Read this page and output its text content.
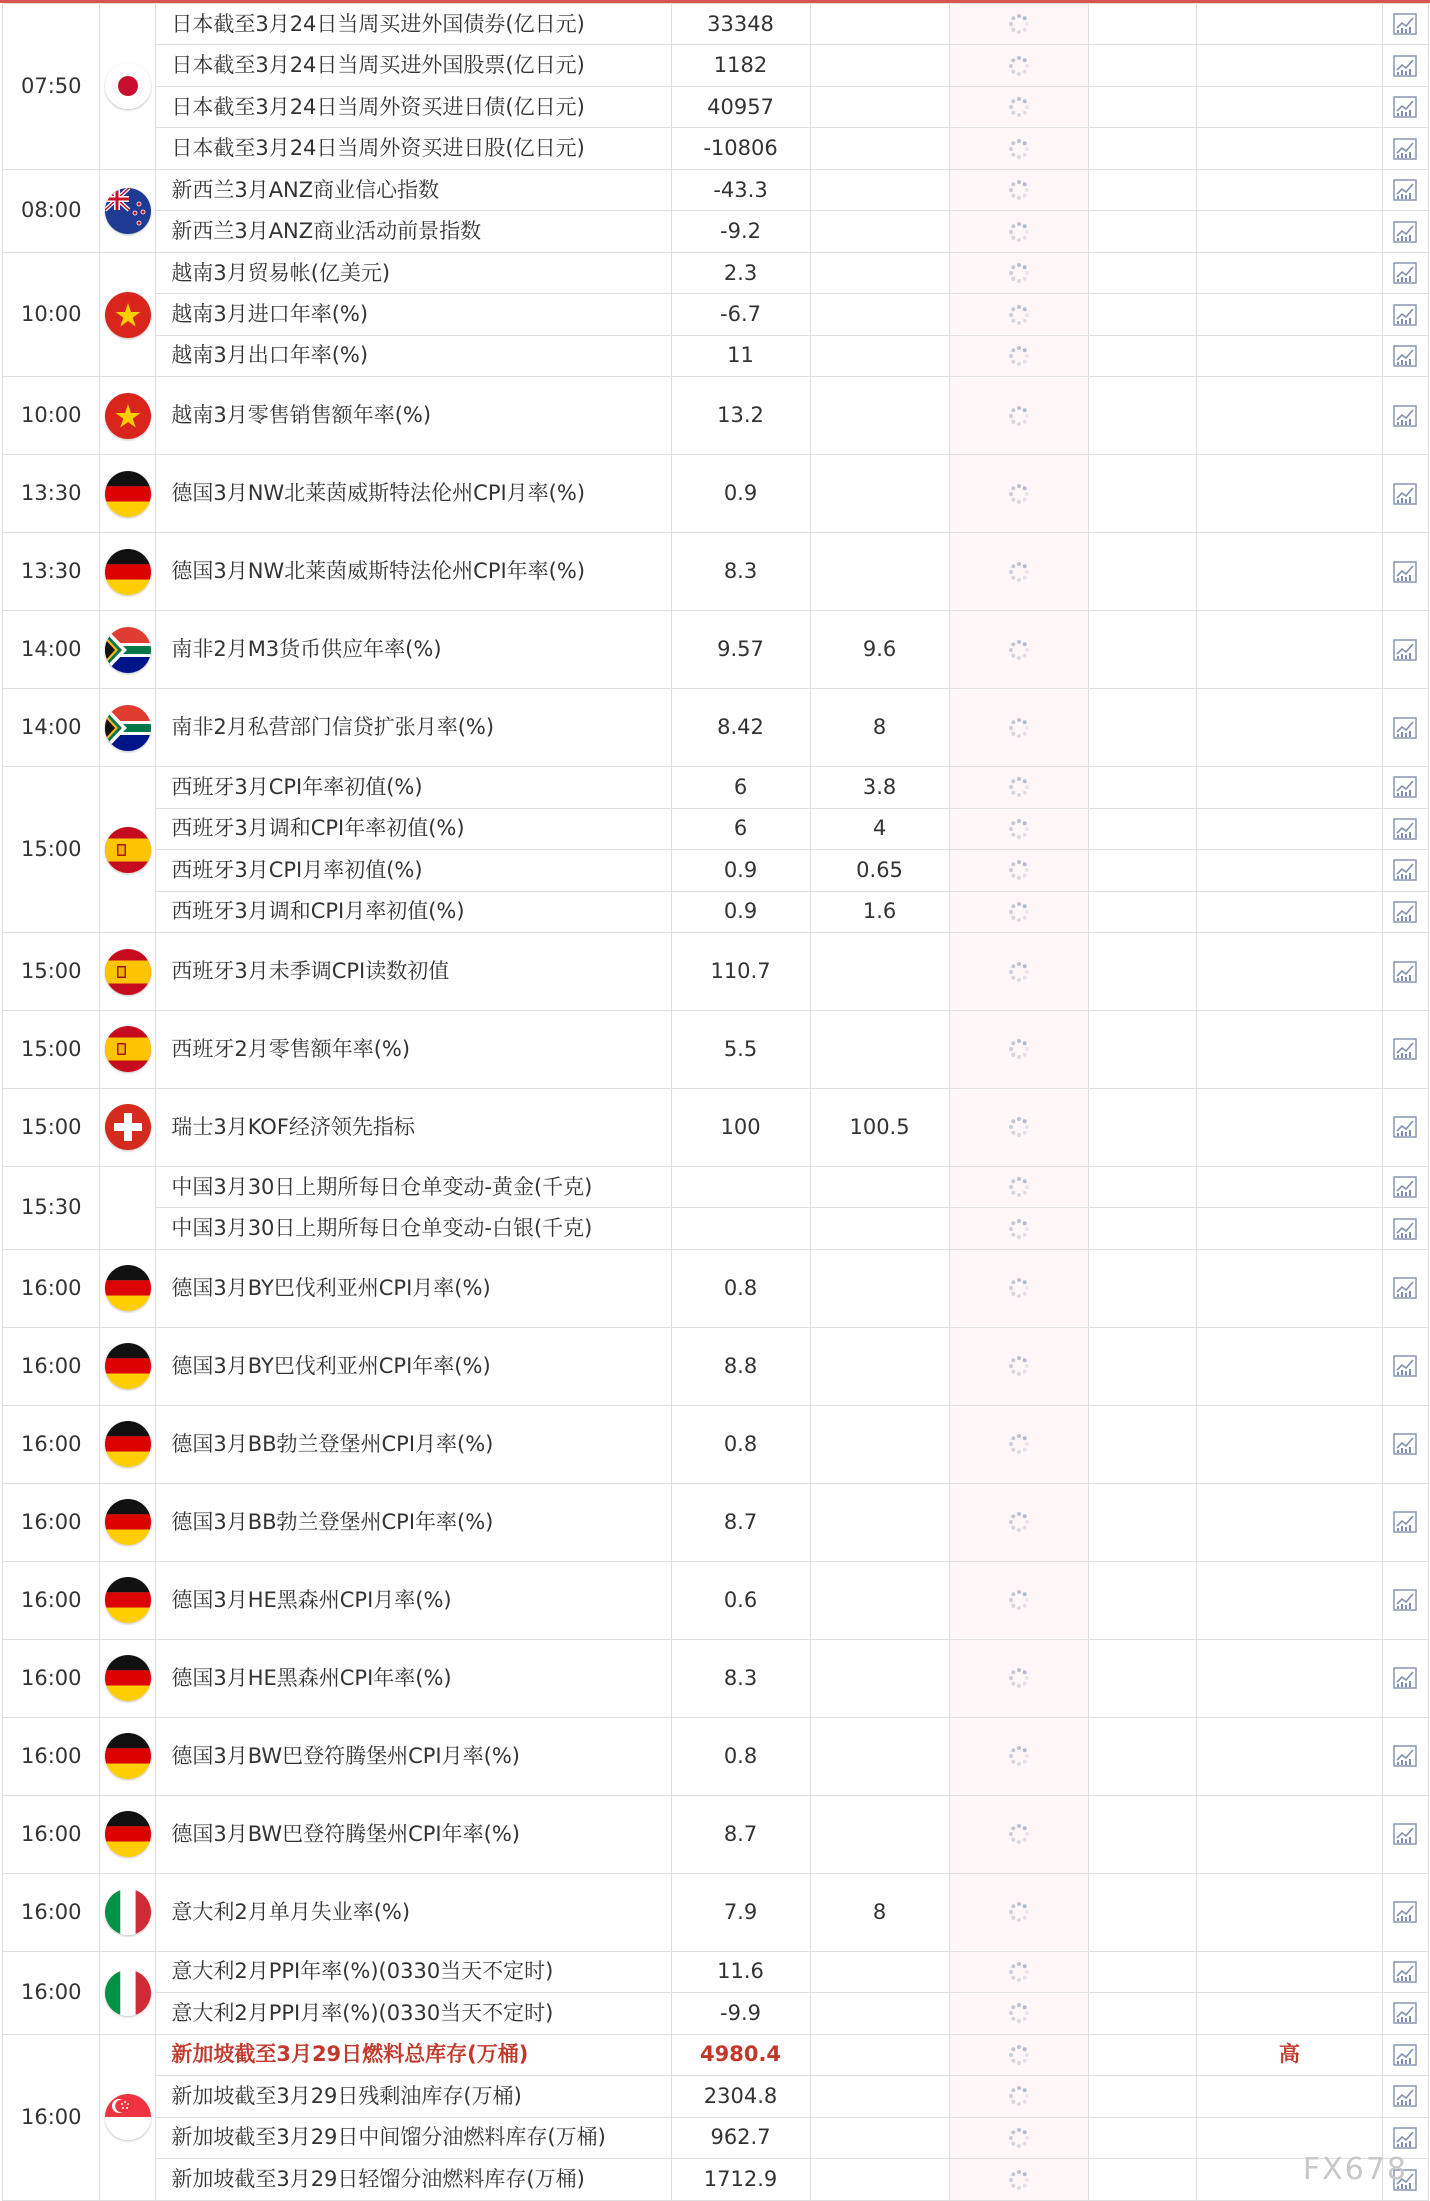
07:50		日本截至3月24日当周买进外国债券(亿日元)	33348					
		日本截至3月24日当周买进外国股票(亿日元)	1182					
		日本截至3月24日当周外资买进日债(亿日元)	40957					
		日本截至3月24日当周外资买进日股(亿日元)	-10806					
08:00		新西兰3月ANZ商业信心指数	-43.3					
		新西兰3月ANZ商业活动前景指数	-9.2					
10:00		越南3月贸易帐(亿美元)	2.3					
		越南3月进口年率(%)	-6.7					
		越南3月出口年率(%)	11					
10:00		越南3月零售销售额年率(%)	13.2					
13:30		德国3月NW北莱茵威斯特法伦州CPI月率(%)	0.9					
13:30		德国3月NW北莱茵威斯特法伦州CPI年率(%)	8.3					
14:00		南非2月M3货币供应年率(%)	9.57	9.6				
14:00		南非2月私营部门信贷扩张月率(%)	8.42	8				
15:00		西班牙3月CPI年率初值(%)	6	3.8				
		西班牙3月调和CPI年率初值(%)	6	4				
		西班牙3月CPI月率初值(%)	0.9	0.65				
		西班牙3月调和CPI月率初值(%)	0.9	1.6				
15:00		西班牙3月未季调CPI读数初值	110.7					
15:00		西班牙2月零售额年率(%)	5.5					
15:00		瑞士3月KOF经济领先指标	100	100.5				
15:30		中国3月30日上期所每日仓单变动-黄金(千克)						
		中国3月30日上期所每日仓单变动-白银(千克)						
16:00		德国3月BY巴伐利亚州CPI月率(%)	0.8					
16:00		德国3月BY巴伐利亚州CPI年率(%)	8.8					
16:00		德国3月BB勃兰登堡州CPI月率(%)	0.8					
16:00		德国3月BB勃兰登堡州CPI年率(%)	8.7					
16:00		德国3月HE黑森州CPI月率(%)	0.6					
16:00		德国3月HE黑森州CPI年率(%)	8.3					
16:00		德国3月BW巴登符腾堡州CPI月率(%)	0.8					
16:00		德国3月BW巴登符腾堡州CPI年率(%)	8.7					
16:00		意大利2月单月失业率(%)	7.9	8				
16:00		意大利2月PPI年率(%)(0330当天不定时)	11.6					
		意大利2月PPI月率(%)(0330当天不定时)	-9.9					
16:00		新加坡截至3月29日燃料总库存(万桶)	4980.4				高	
		新加坡截至3月29日残剩油库存(万桶)	2304.8					
		新加坡截至3月29日中间馏分油燃料库存(万桶)	962.7					
		新加坡截至3月29日轻馏分油燃料库存(万桶)	1712.9						FX678
